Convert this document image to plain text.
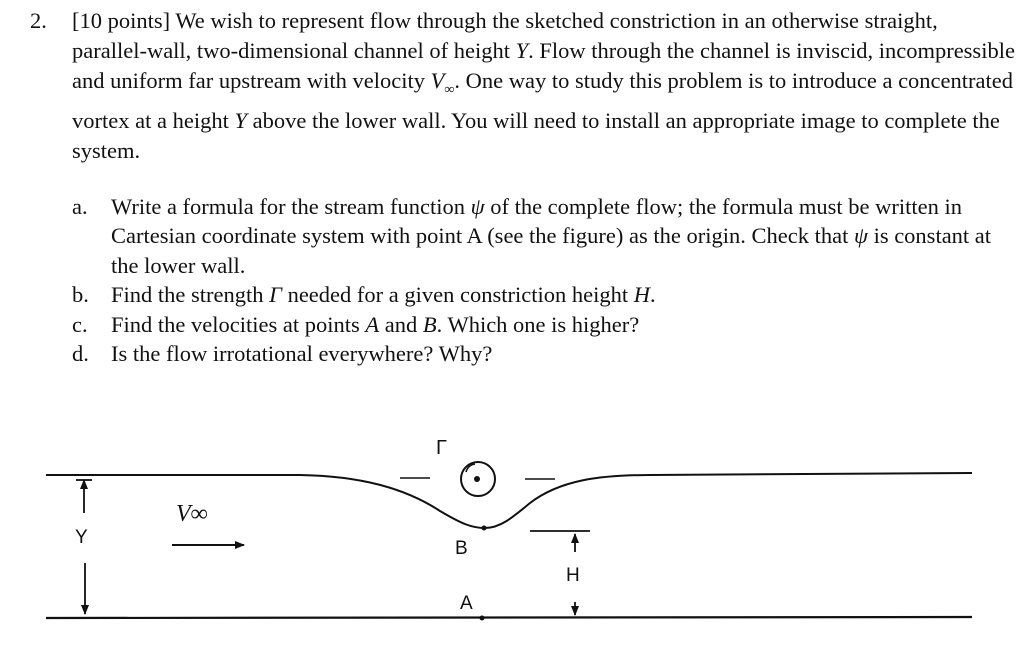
2.	[10 points] We wish to represent flow through the sketched constriction in an otherwise straight, parallel-wall, two-dimensional channel of height Y. Flow through the channel is inviscid, incompressible and uniform far upstream with velocity $V_\infty$. One way to study this problem is to introduce a concentrated vortex at a height Y above the lower wall. You will need to install an appropriate image to complete the system.
a.	Write a formula for the stream function ψ of the complete flow; the formula must be written in Cartesian coordinate system with point A (see the figure) as the origin. Check that ψ is constant at the lower wall.
b. Find the strength Γ needed for a given constriction height H.
c.	Find the velocities at points A and B. Which one is higher?
d. Is the flow irrotational everywhere? Why?
Γ
Y
V∞
B
A
H
